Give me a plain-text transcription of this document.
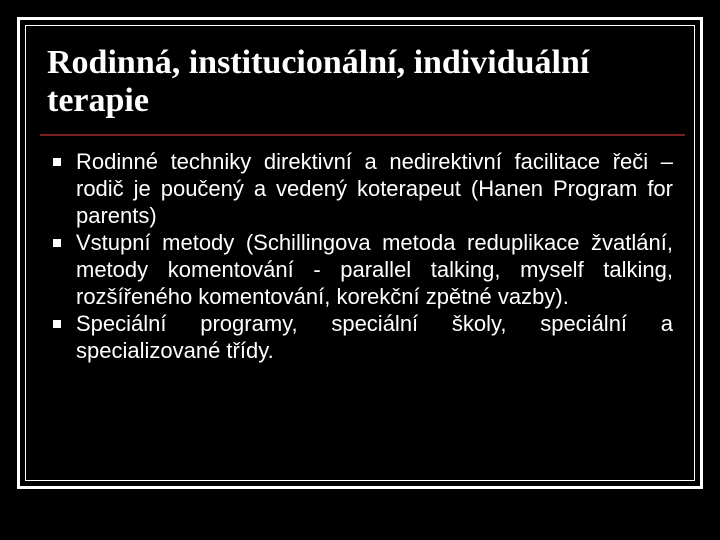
Rodinná, institucionální, individuální terapie
Rodinné techniky direktivní a nedirektivní facilitace řeči – rodič je poučený a vedený koterapeut (Hanen Program for parents)
Vstupní metody (Schillingova metoda reduplikace žvatlání, metody komentování - parallel talking, myself talking, rozšířeného komentování, korekční zpětné vazby).
Speciální programy, speciální školy, speciální a specializované třídy.
